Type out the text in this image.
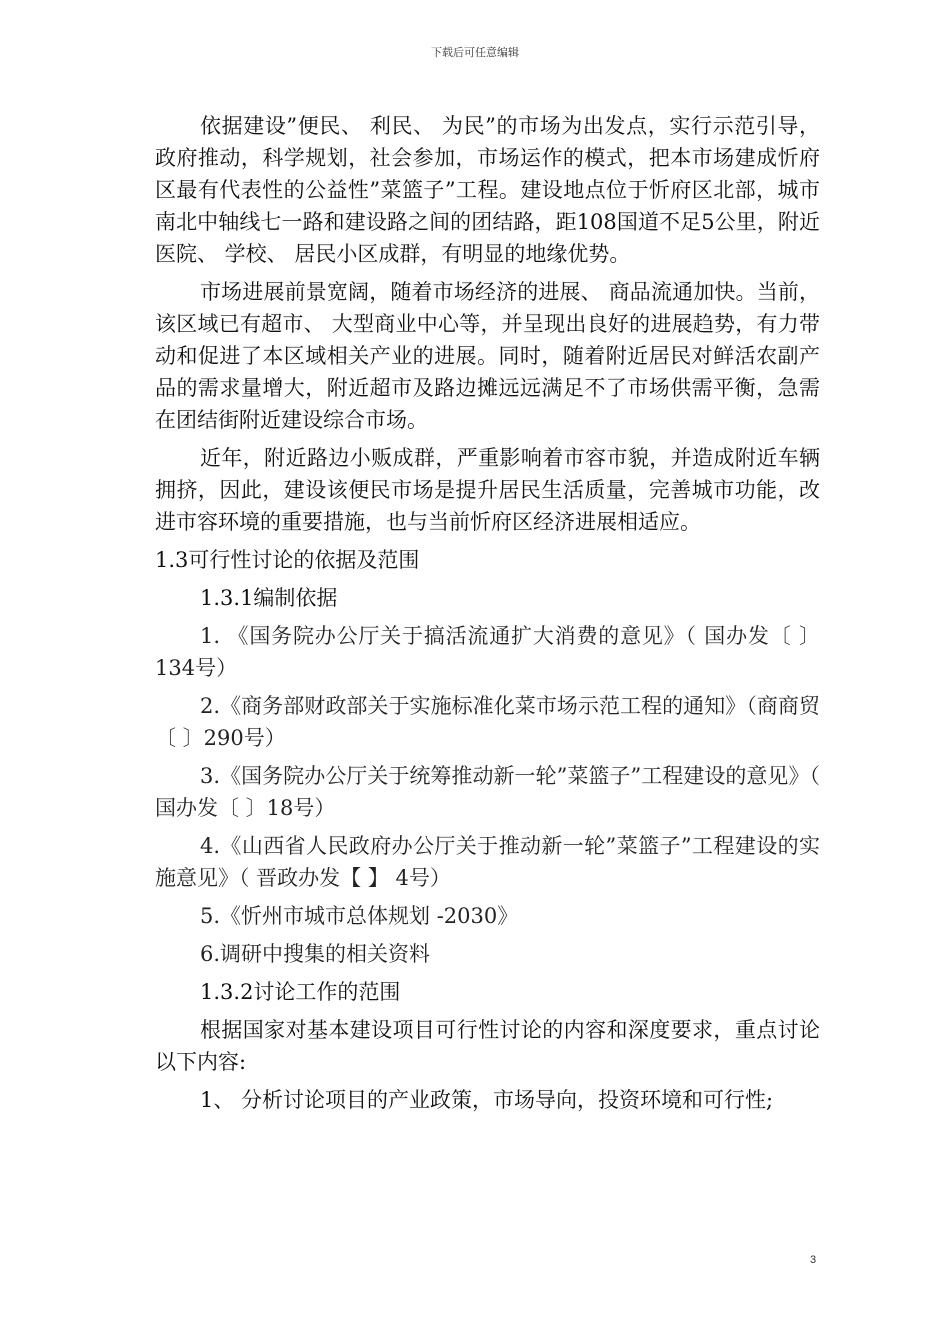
下载后可任意编辑

依据建设”便民、 利民、 为民”的市场为出发点，实行示范引导，政府推动，科学规划，社会参加，市场运作的模式，把本市场建成忻府区最有代表性的公益性”菜篮子”工程。建设地点位于忻府区北部，城市南北中轴线七一路和建设路之间的团结路，距108国道不足5公里，附近医院、 学校、 居民小区成群，有明显的地缘优势。

市场进展前景宽阔，随着市场经济的进展、 商品流通加快。当前，该区域已有超市、 大型商业中心等，并呈现出良好的进展趋势，有力带动和促进了本区域相关产业的进展。同时，随着附近居民对鲜活农副产品的需求量增大，附近超市及路边摊远远满足不了市场供需平衡，急需在团结街附近建设综合市场。

近年，附近路边小贩成群，严重影响着市容市貌，并造成附近车辆拥挤，因此，建设该便民市场是提升居民生活质量，完善城市功能，改进市容环境的重要措施，也与当前忻府区经济进展相适应。

1.3可行性讨论的依据及范围
1.3.1编制依据

1. 《国务院办公厅关于搞活流通扩大消费的意见》（ 国办发〔 〕134号）

2.《商务部财政部关于实施标准化菜市场示范工程的通知》（商商贸〔 〕290号）

3.《国务院办公厅关于统筹推动新一轮”菜篮子”工程建设的意见》（ 国办发〔 〕18号）

4.《山西省人民政府办公厅关于推动新一轮”菜篮子”工程建设的实施意见》（ 晋政办发【 】 4号）

5.《忻州市城市总体规划 -2030》

6.调研中搜集的相关资料

1.3.2讨论工作的范围

根据国家对基本建设项目可行性讨论的内容和深度要求，重点讨论以下内容:

1、 分析讨论项目的产业政策，市场导向，投资环境和可行性;

3
